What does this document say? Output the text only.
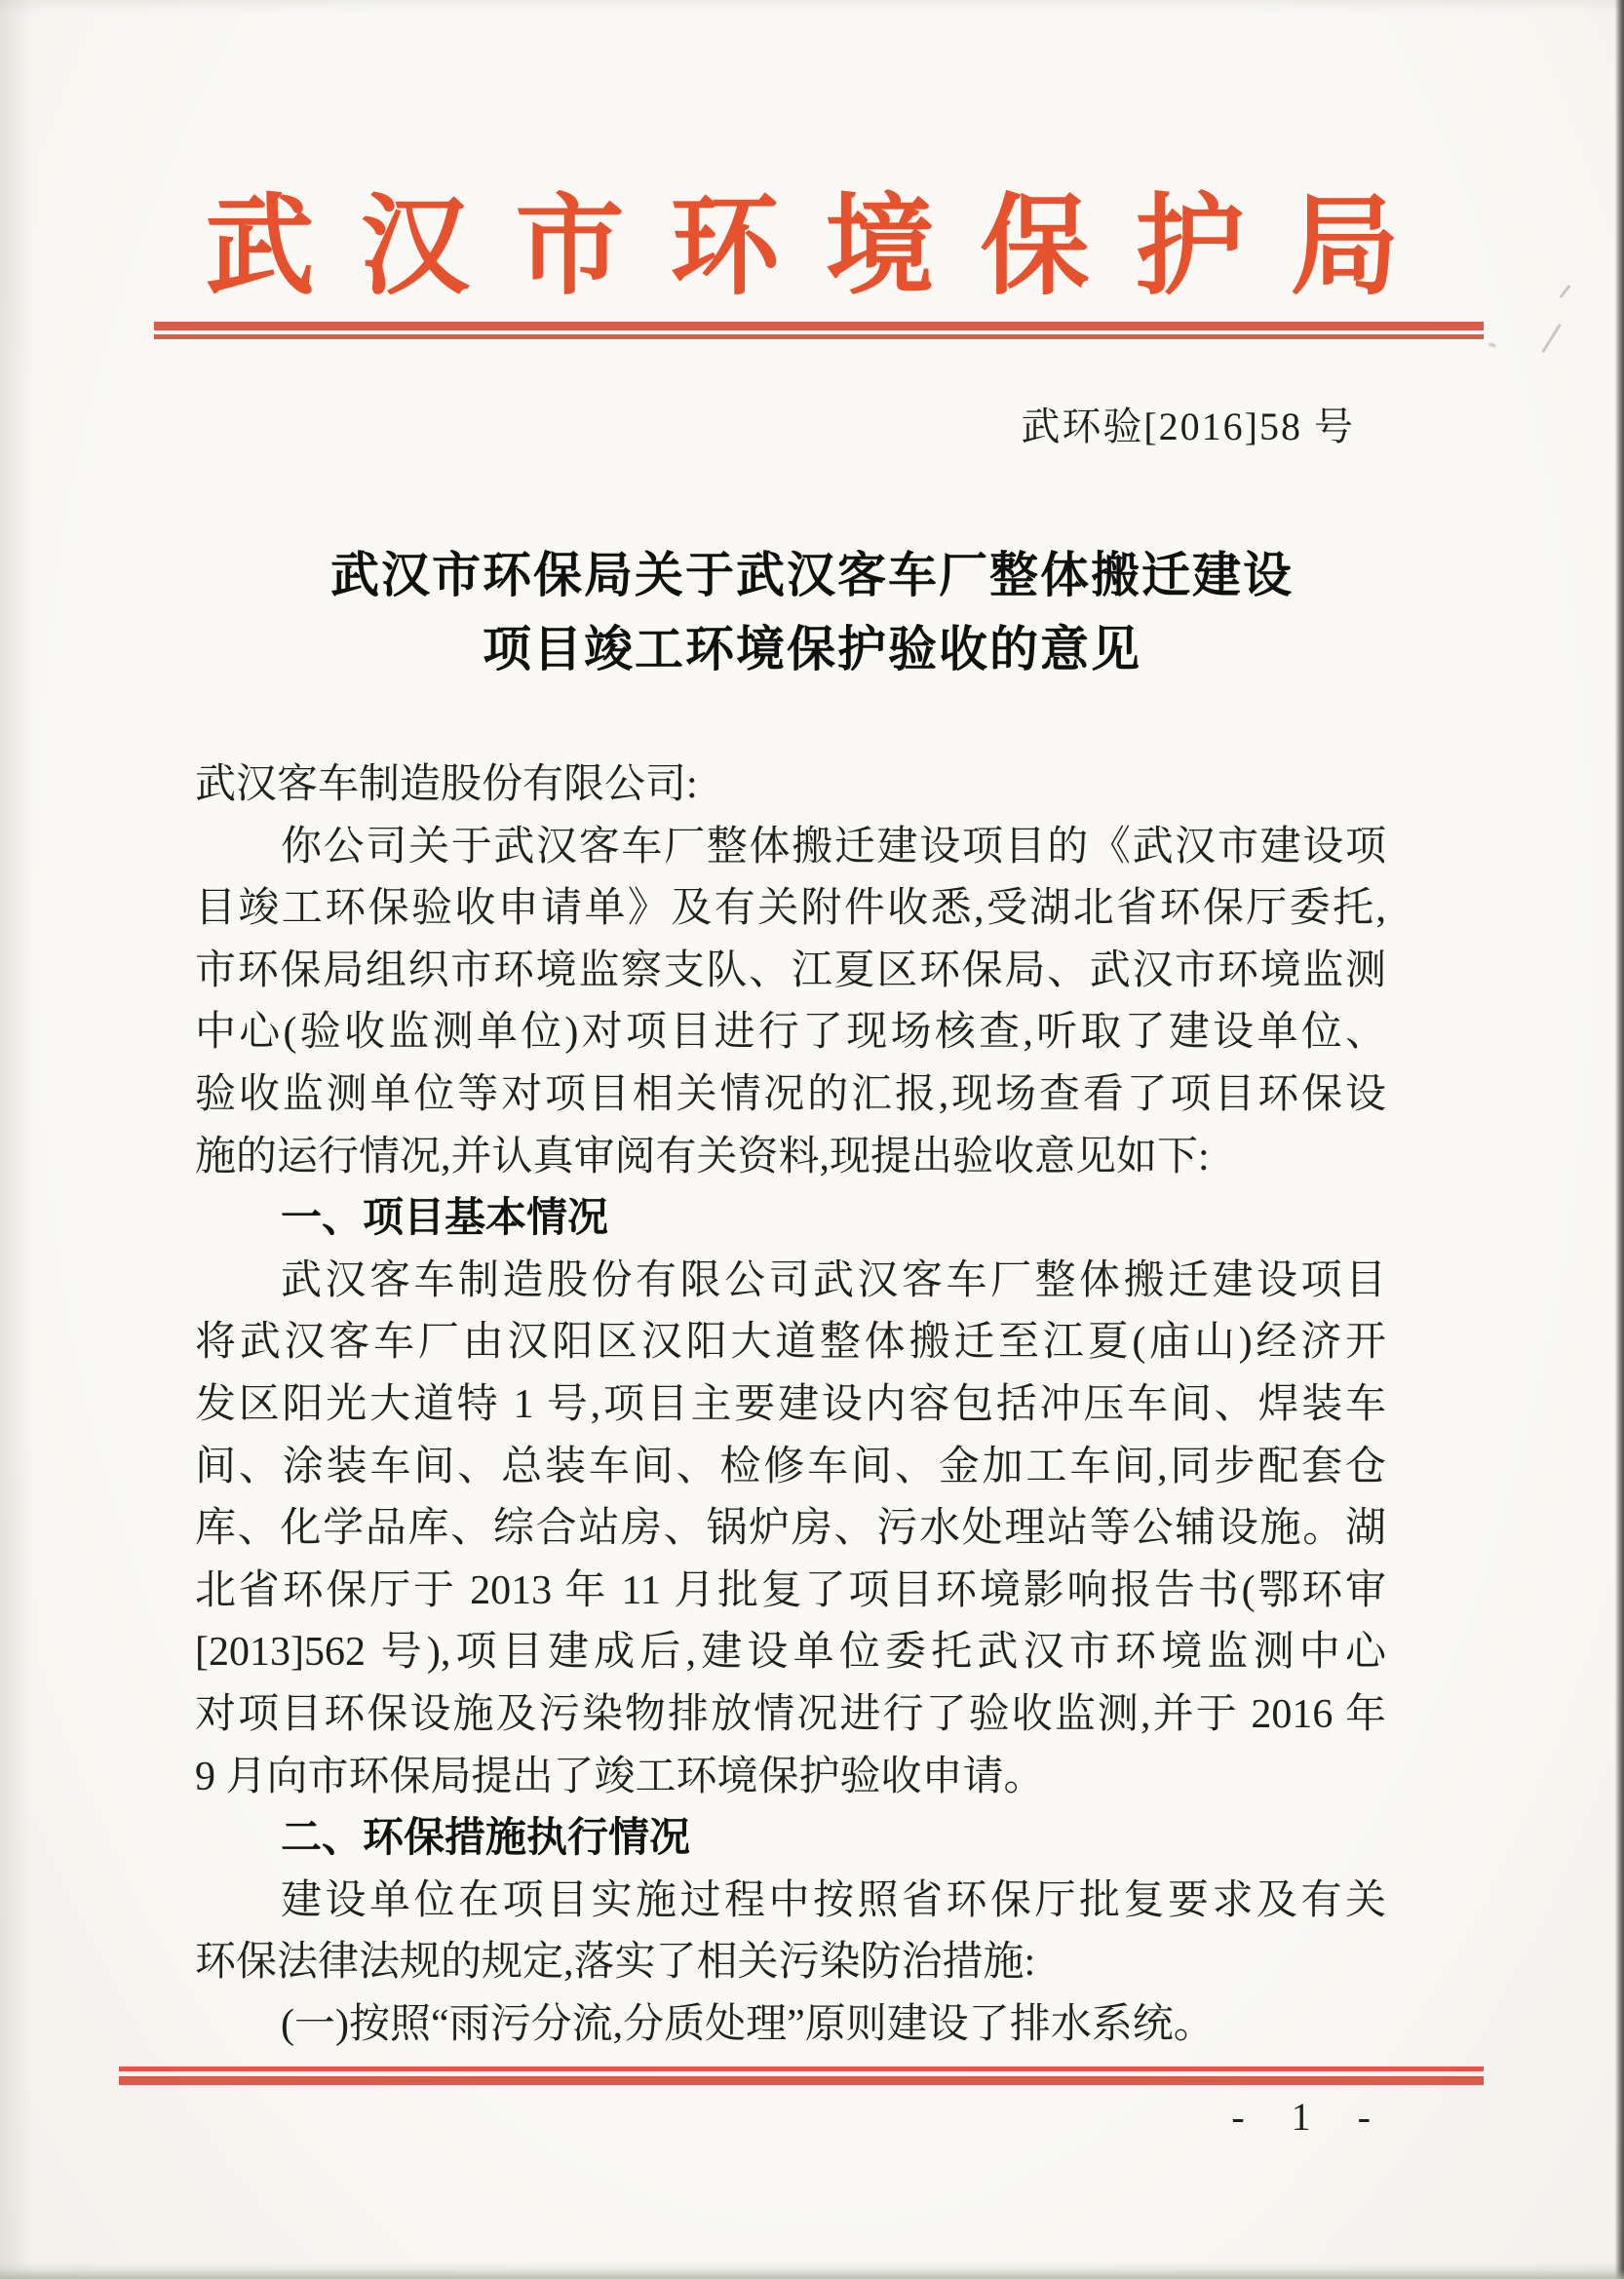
武汉市环境保护局
武环验[2016]58 号
武汉市环保局关于武汉客车厂整体搬迁建设
项目竣工环境保护验收的意见
武汉客车制造股份有限公司:
你公司关于武汉客车厂整体搬迁建设项目的《武汉市建设项
目竣工环保验收申请单》及有关附件收悉,受湖北省环保厅委托,
市环保局组织市环境监察支队、江夏区环保局、武汉市环境监测
中心(验收监测单位)对项目进行了现场核查,听取了建设单位、
验收监测单位等对项目相关情况的汇报,现场查看了项目环保设
施的运行情况,并认真审阅有关资料,现提出验收意见如下:
一、项目基本情况
武汉客车制造股份有限公司武汉客车厂整体搬迁建设项目
将武汉客车厂由汉阳区汉阳大道整体搬迁至江夏(庙山)经济开
发区阳光大道特 1 号,项目主要建设内容包括冲压车间、焊装车
间、涂装车间、总装车间、检修车间、金加工车间,同步配套仓
库、化学品库、综合站房、锅炉房、污水处理站等公辅设施。湖
北省环保厅于 2013 年 11 月批复了项目环境影响报告书(鄂环审
[2013]562 号),项目建成后,建设单位委托武汉市环境监测中心
对项目环保设施及污染物排放情况进行了验收监测,并于 2016 年
9 月向市环保局提出了竣工环境保护验收申请。
二、环保措施执行情况
建设单位在项目实施过程中按照省环保厅批复要求及有关
环保法律法规的规定,落实了相关污染防治措施:
(一)按照“雨污分流,分质处理”原则建设了排水系统。
- 1 -
